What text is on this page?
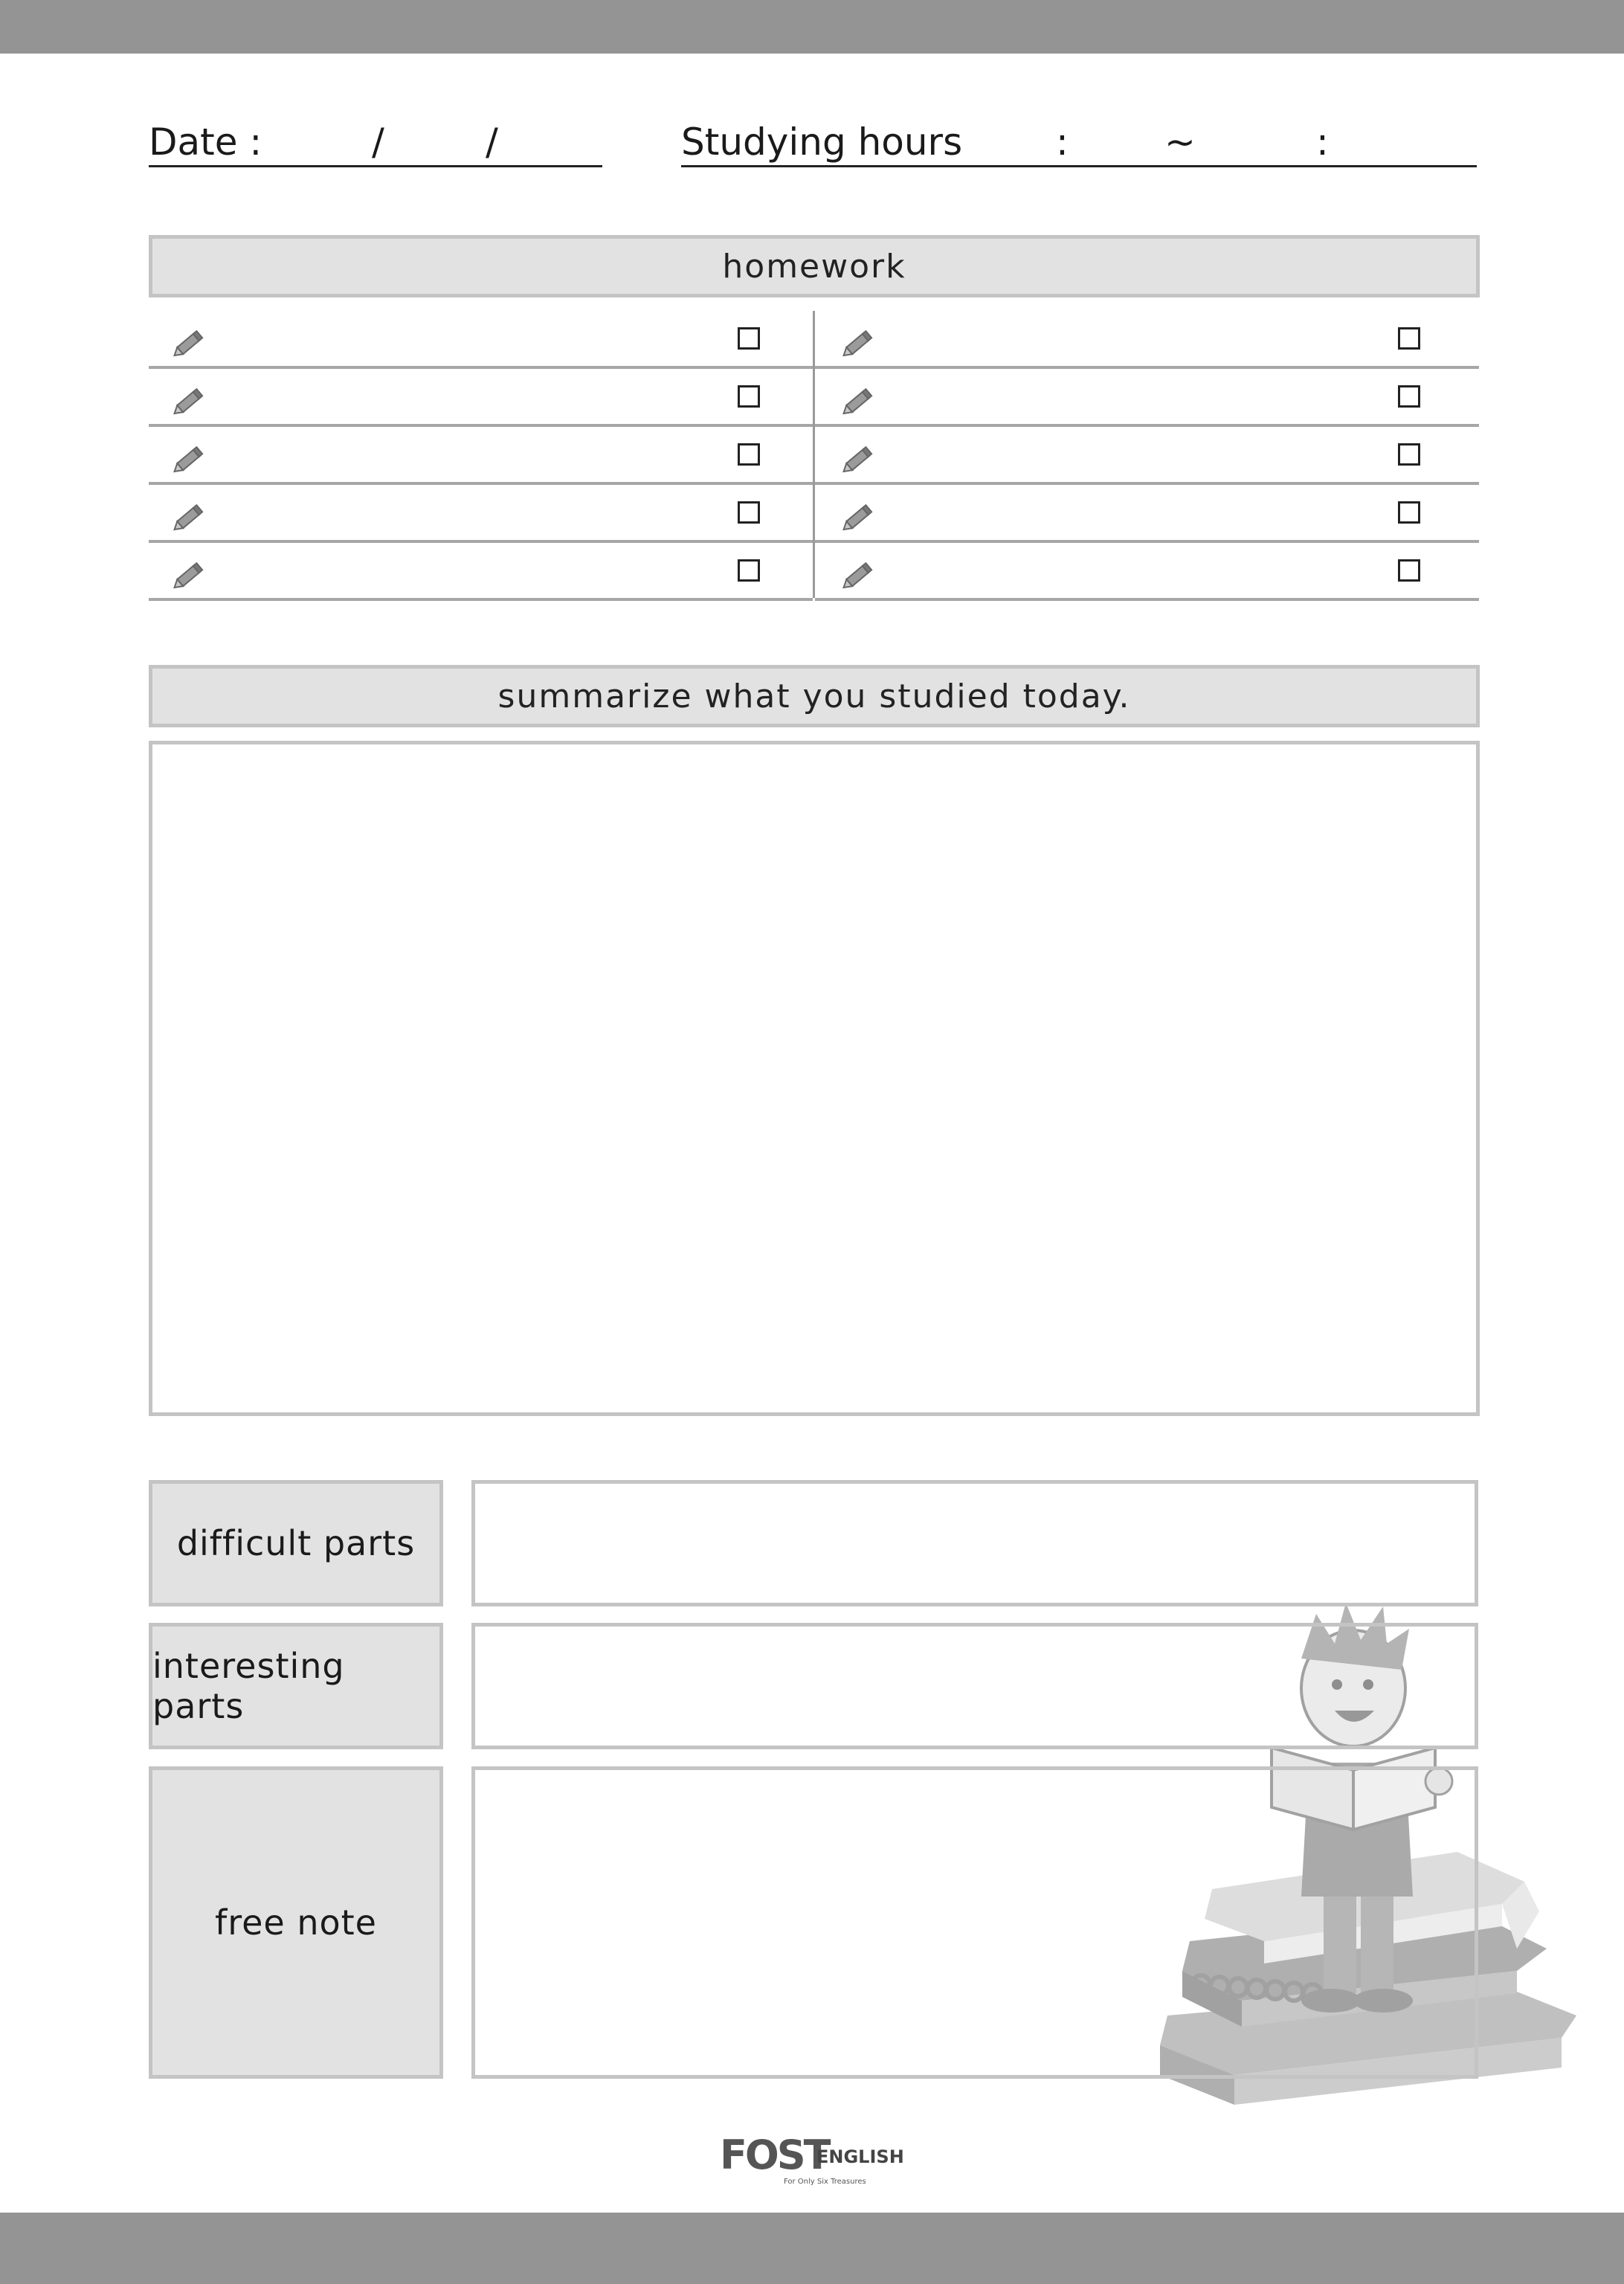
Date :	/	/	Studying hours	:	~	:
homework
summarize what you studied today.
difficult parts
interesting parts
free note
FOST
ENGLISH
For Only Six Treasures
